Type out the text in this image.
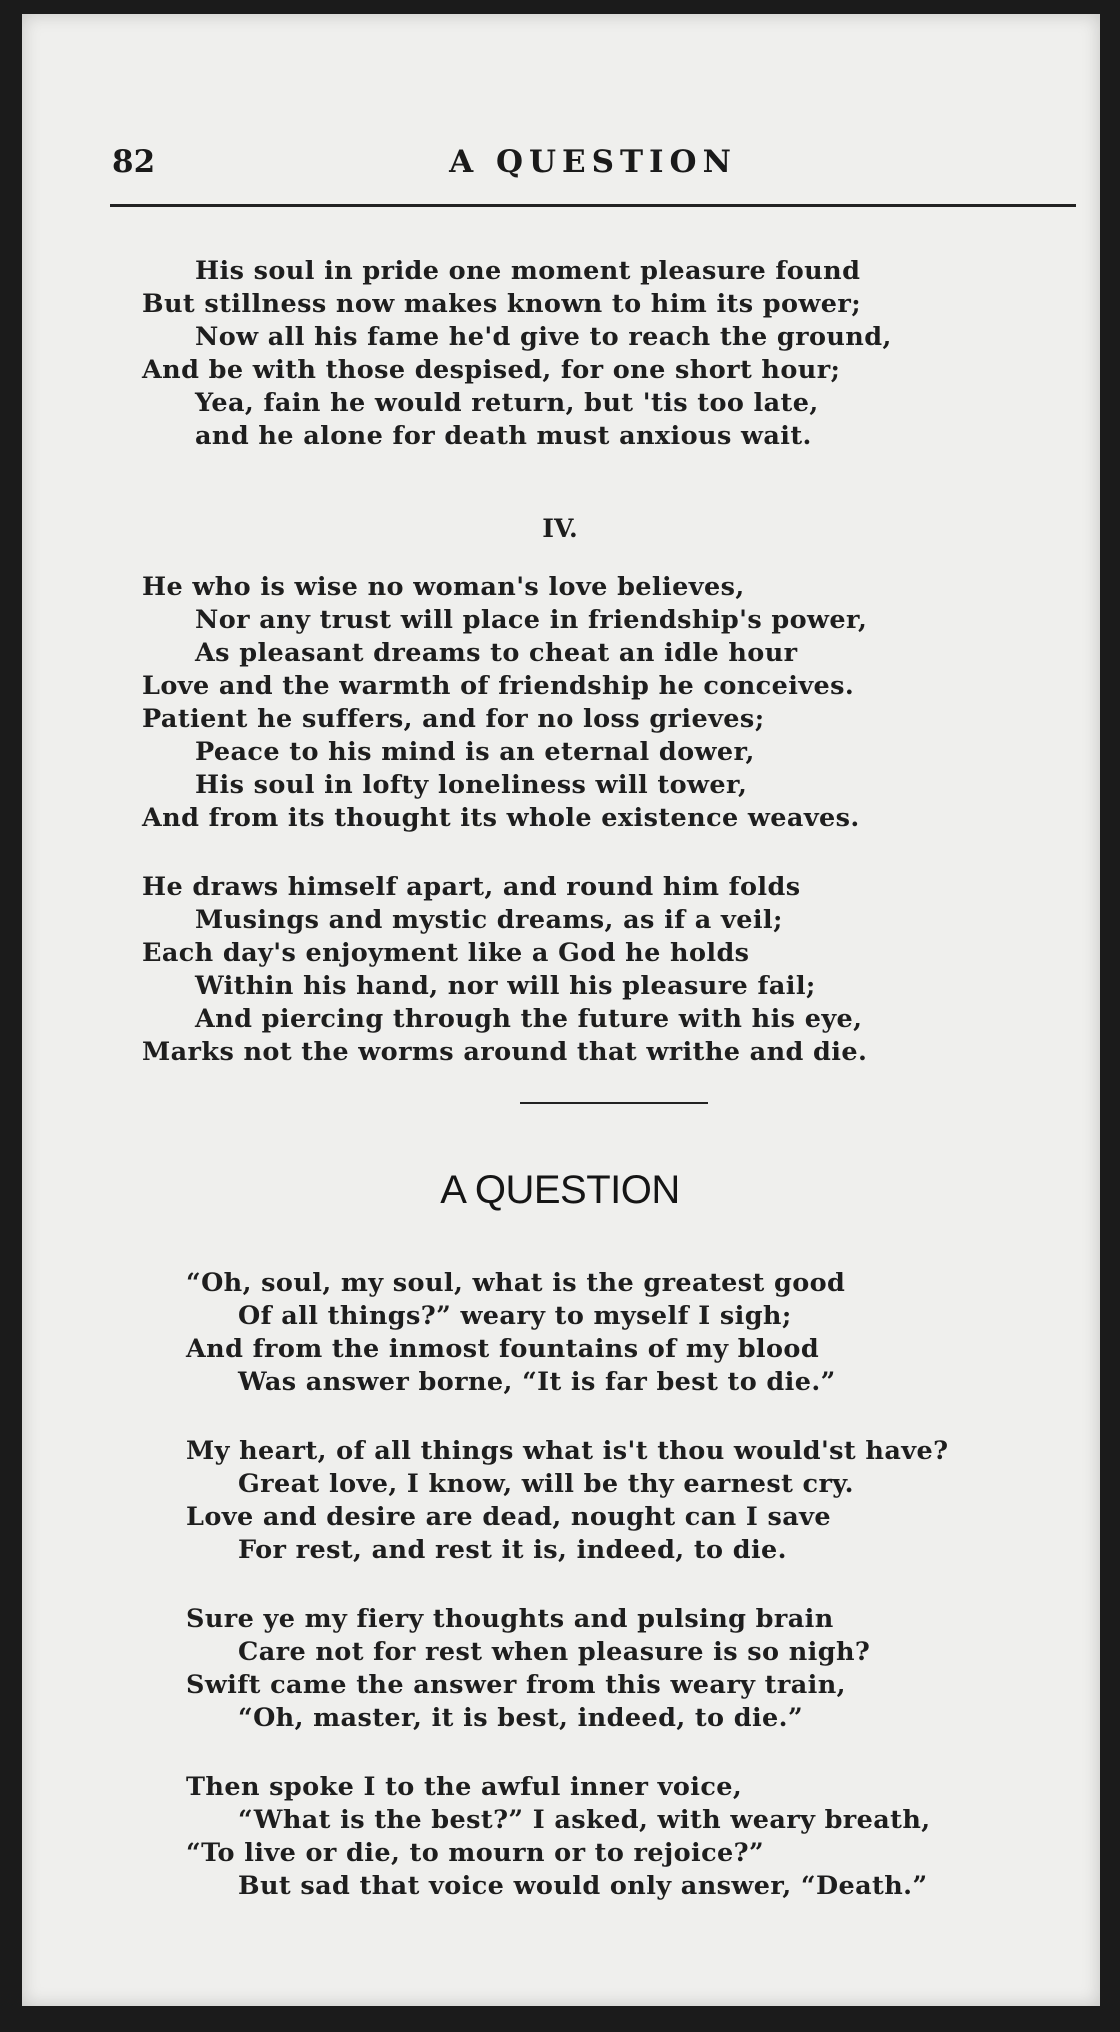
82	A QUESTION
His soul in pride one moment pleasure found
But stillness now makes known to him its power;
Now all his fame he'd give to reach the ground,
And be with those despised, for one short hour;
Yea, fain he would return, but 'tis too late,
and he alone for death must anxious wait.
IV.
He who is wise no woman's love believes,
Nor any trust will place in friendship's power,
As pleasant dreams to cheat an idle hour
Love and the warmth of friendship he conceives.
Patient he suffers, and for no loss grieves;
Peace to his mind is an eternal dower,
His soul in lofty loneliness will tower,
And from its thought its whole existence weaves.
He draws himself apart, and round him folds
Musings and mystic dreams, as if a veil;
Each day's enjoyment like a God he holds
Within his hand, nor will his pleasure fail;
And piercing through the future with his eye,
Marks not the worms around that writhe and die.
A QUESTION
“Oh, soul, my soul, what is the greatest good
Of all things?” weary to myself I sigh;
And from the inmost fountains of my blood
Was answer borne, “It is far best to die.”
My heart, of all things what is't thou would'st have?
Great love, I know, will be thy earnest cry.
Love and desire are dead, nought can I save
For rest, and rest it is, indeed, to die.
Sure ye my fiery thoughts and pulsing brain
Care not for rest when pleasure is so nigh?
Swift came the answer from this weary train,
“Oh, master, it is best, indeed, to die.”
Then spoke I to the awful inner voice,
“What is the best?” I asked, with weary breath,
“To live or die, to mourn or to rejoice?”
But sad that voice would only answer, “Death.”
